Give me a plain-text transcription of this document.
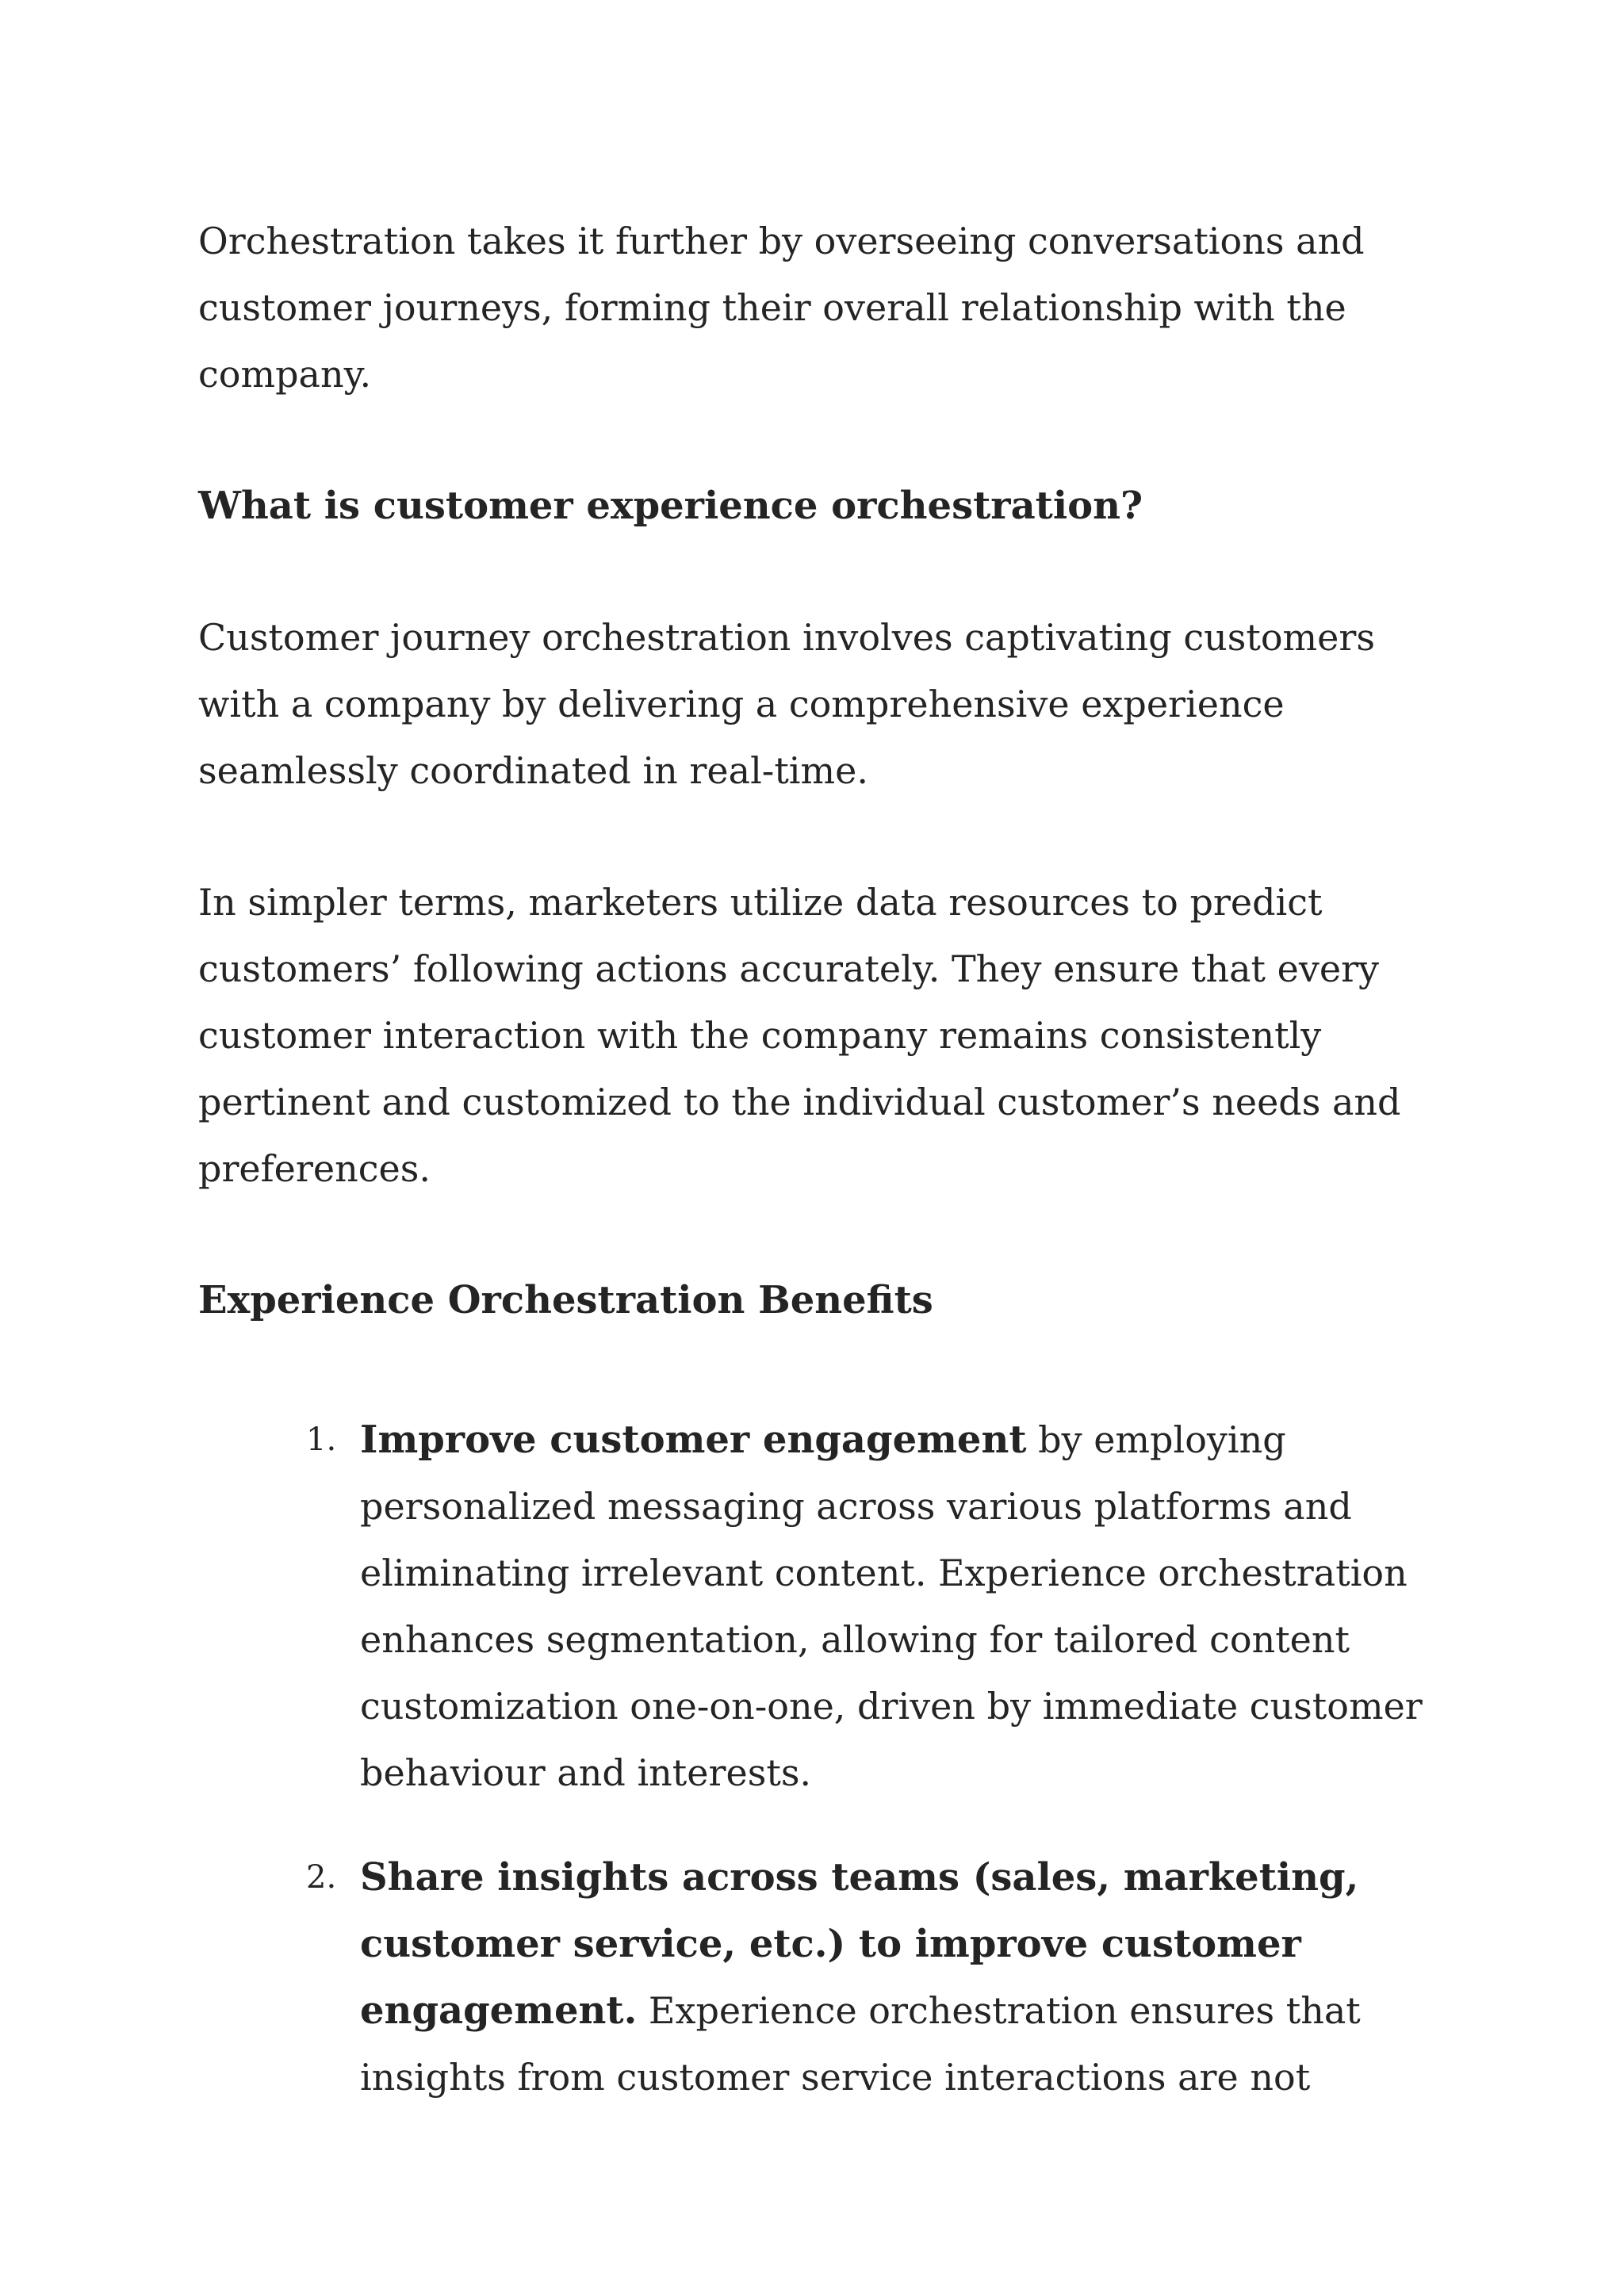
Orchestration takes it further by overseeing conversations and customer journeys, forming their overall relationship with the company.

What is customer experience orchestration?

Customer journey orchestration involves captivating customers with a company by delivering a comprehensive experience seamlessly coordinated in real-time.

In simpler terms, marketers utilize data resources to predict customers’ following actions accurately. They ensure that every customer interaction with the company remains consistently pertinent and customized to the individual customer’s needs and preferences.

Experience Orchestration Benefits
1. Improve customer engagement by employing personalized messaging across various platforms and eliminating irrelevant content. Experience orchestration enhances segmentation, allowing for tailored content customization one-on-one, driven by immediate customer behaviour and interests.
2. Share insights across teams (sales, marketing, customer service, etc.) to improve customer engagement. Experience orchestration ensures that insights from customer service interactions are not
